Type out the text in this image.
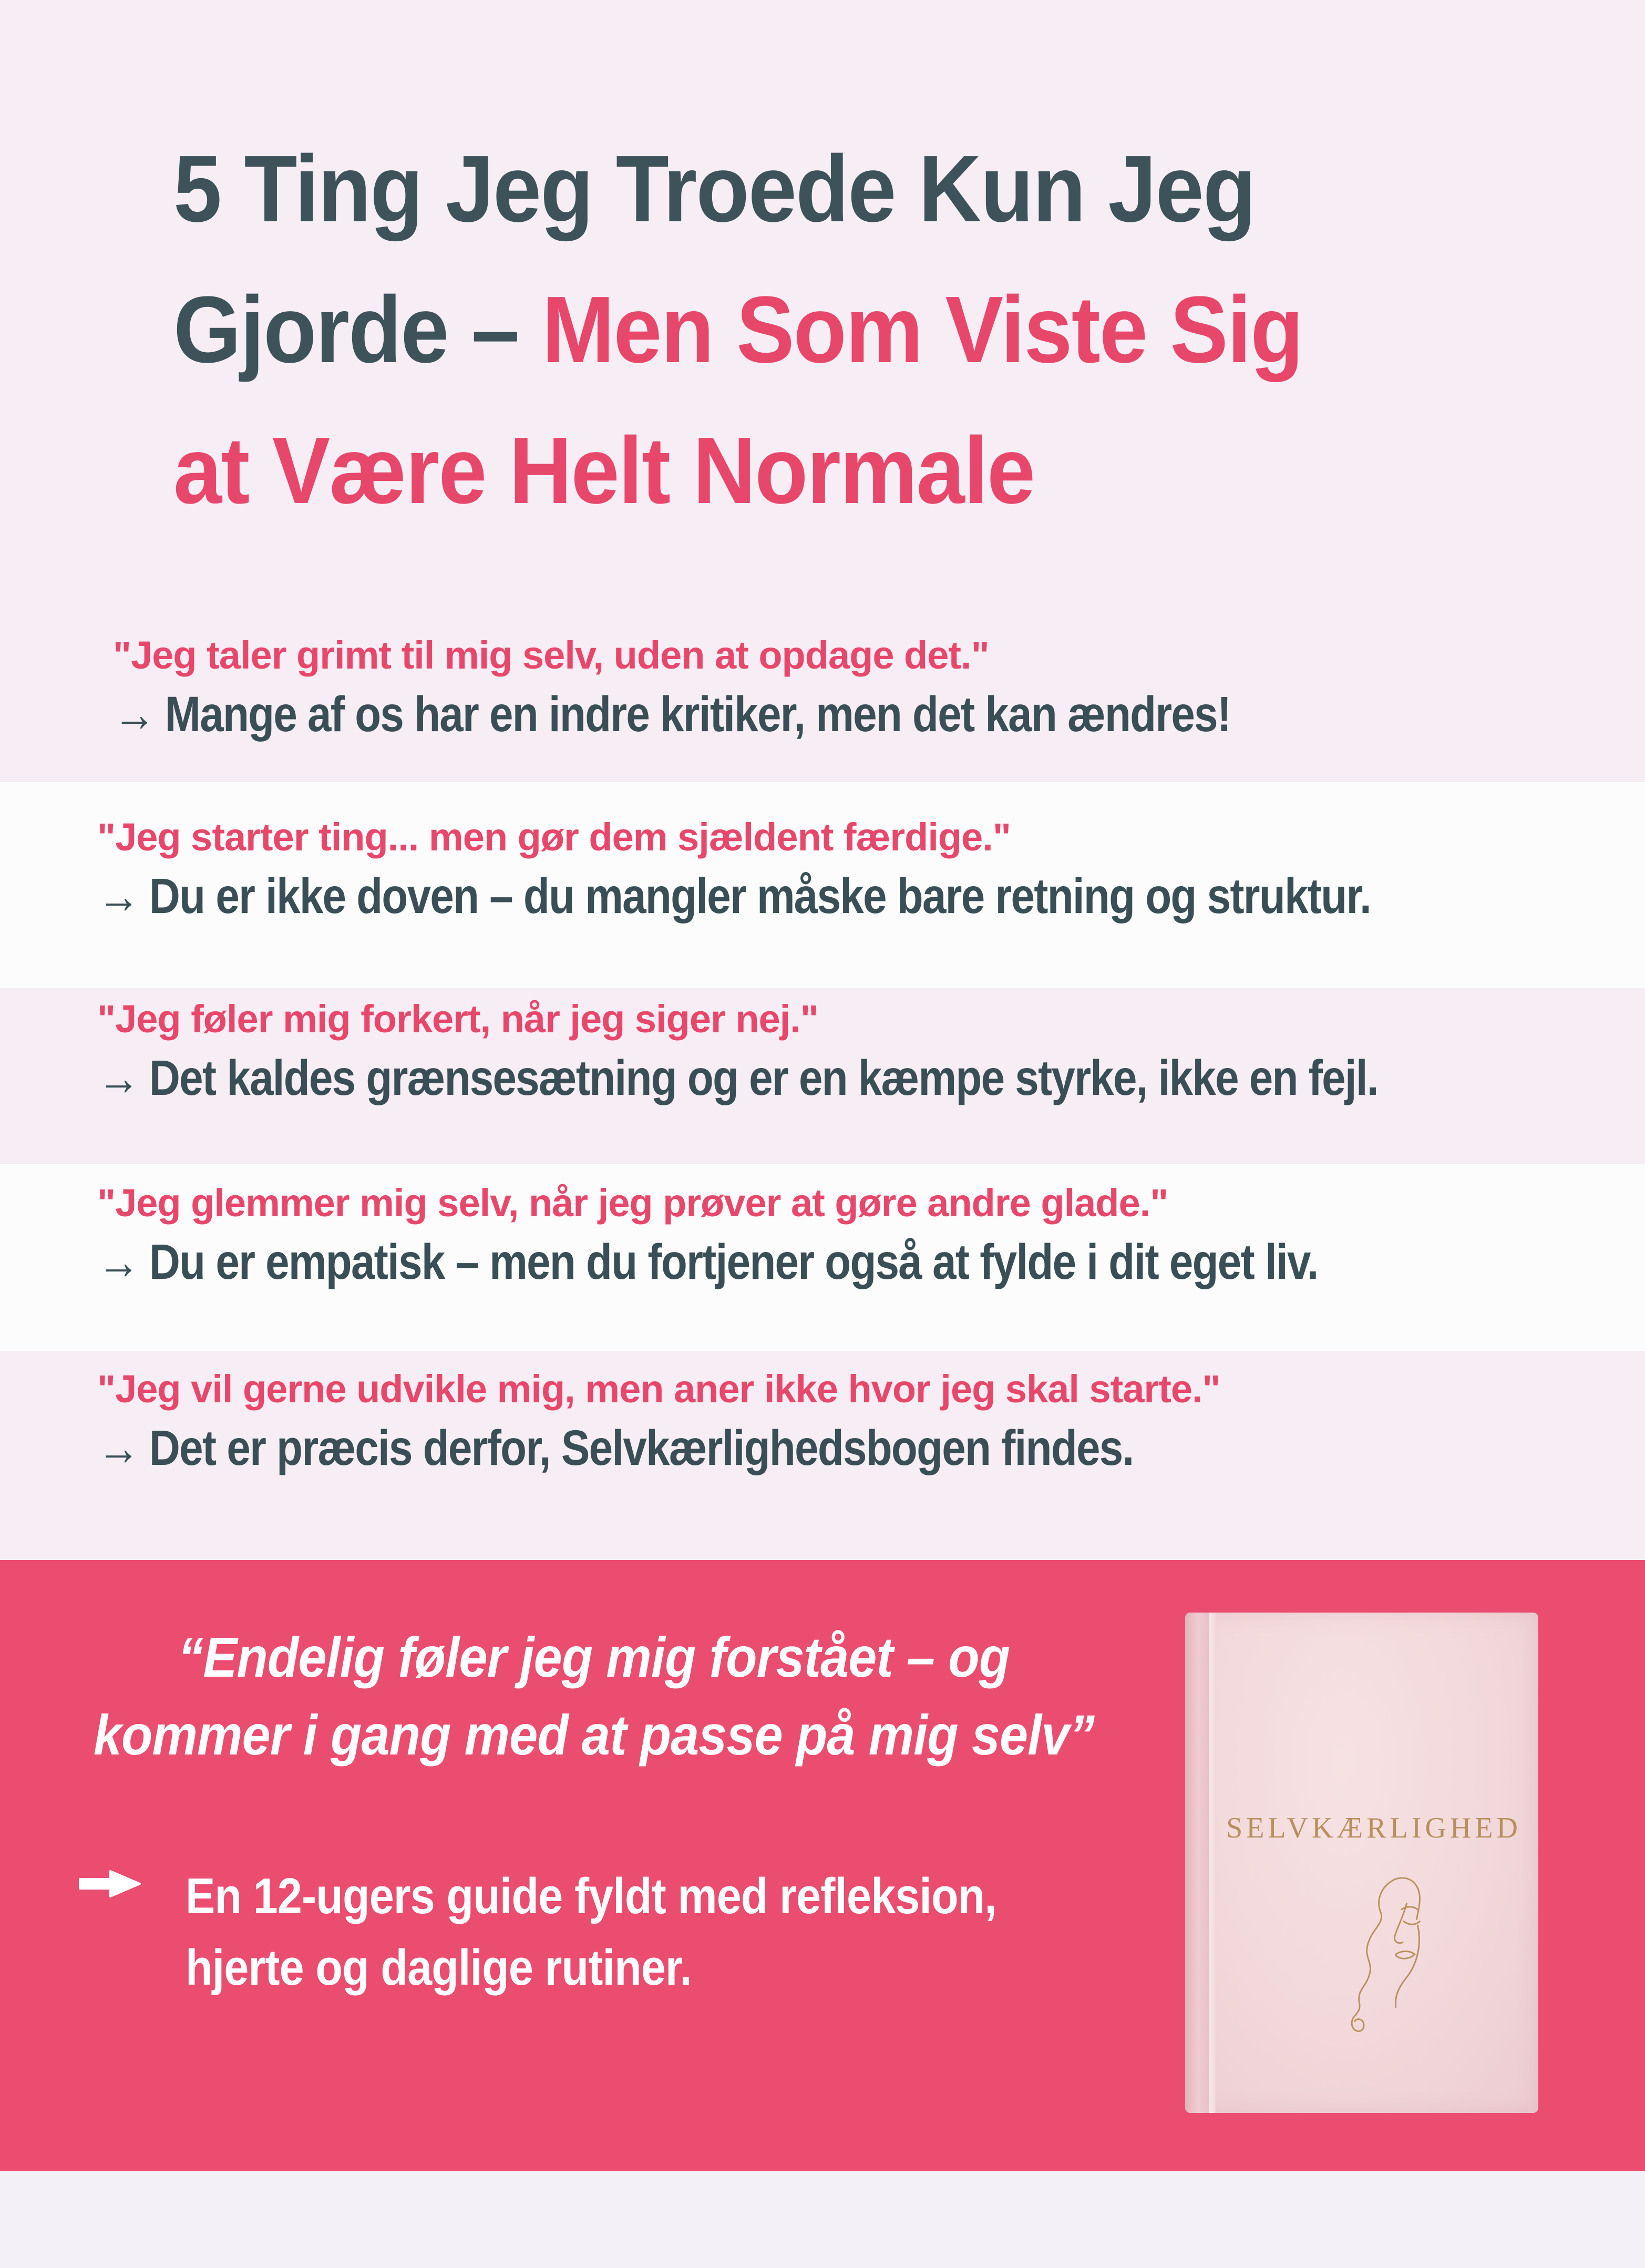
5 Ting Jeg Troede Kun Jeg
Gjorde – Men Som Viste Sig
at Være Helt Normale
"Jeg taler grimt til mig selv, uden at opdage det."
→ Mange af os har en indre kritiker, men det kan ændres!
"Jeg starter ting... men gør dem sjældent færdige."
→ Du er ikke doven – du mangler måske bare retning og struktur.
"Jeg føler mig forkert, når jeg siger nej."
→ Det kaldes grænsesætning og er en kæmpe styrke, ikke en fejl.
"Jeg glemmer mig selv, når jeg prøver at gøre andre glade."
→ Du er empatisk – men du fortjener også at fylde i dit eget liv.
"Jeg vil gerne udvikle mig, men aner ikke hvor jeg skal starte."
→ Det er præcis derfor, Selvkærlighedsbogen findes.
“Endelig føler jeg mig forstået – og
kommer i gang med at passe på mig selv”
En 12-ugers guide fyldt med refleksion,
hjerte og daglige rutiner.
SELVKÆRLIGHED
